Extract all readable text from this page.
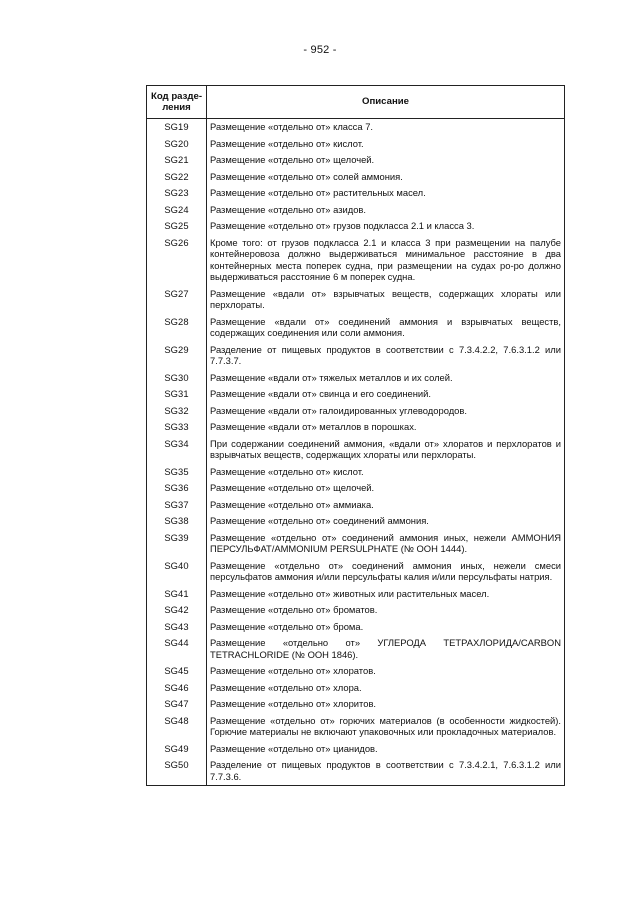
- 952 -
Код разде-ления	Описание
SG19	Размещение «отдельно от» класса 7.
SG20	Размещение «отдельно от» кислот.
SG21	Размещение «отдельно от» щелочей.
SG22	Размещение «отдельно от» солей аммония.
SG23	Размещение «отдельно от» растительных масел.
SG24	Размещение «отдельно от» азидов.
SG25	Размещение «отдельно от» грузов подкласса 2.1 и класса 3.
SG26	Кроме того: от грузов подкласса 2.1 и класса 3 при размещении на палубе контейнеровоза должно выдерживаться минимальное расстояние в два контейнерных места поперек судна, при размещении на судах ро-ро должно выдерживаться расстояние 6 м поперек судна.
SG27	Размещение «вдали от» взрывчатых веществ, содержащих хлораты или перхлораты.
SG28	Размещение «вдали от» соединений аммония и взрывчатых веществ, содержащих соединения или соли аммония.
SG29	Разделение от пищевых продуктов в соответствии с 7.3.4.2.2, 7.6.3.1.2 или 7.7.3.7.
SG30	Размещение «вдали от» тяжелых металлов и их солей.
SG31	Размещение «вдали от» свинца и его соединений.
SG32	Размещение «вдали от» галоидированных углеводородов.
SG33	Размещение «вдали от» металлов в порошках.
SG34	При содержании соединений аммония, «вдали от» хлоратов и перхлоратов и взрывчатых веществ, содержащих хлораты или перхлораты.
SG35	Размещение «отдельно от» кислот.
SG36	Размещение «отдельно от» щелочей.
SG37	Размещение «отдельно от» аммиака.
SG38	Размещение «отдельно от» соединений аммония.
SG39	Размещение «отдельно от» соединений аммония иных, нежели АММОНИЯ ПЕРСУЛЬФАТ/AMMONIUM PERSULPHATE (№ ООН 1444).
SG40	Размещение «отдельно от» соединений аммония иных, нежели смеси персульфатов аммония и/или персульфаты калия и/или персульфаты натрия.
SG41	Размещение «отдельно от» животных или растительных масел.
SG42	Размещение «отдельно от» броматов.
SG43	Размещение «отдельно от» брома.
SG44	Размещение «отдельно от» УГЛЕРОДА ТЕТРАХЛОРИДА/CARBON TETRACHLORIDE (№ ООН 1846).
SG45	Размещение «отдельно от» хлоратов.
SG46	Размещение «отдельно от» хлора.
SG47	Размещение «отдельно от» хлоритов.
SG48	Размещение «отдельно от» горючих материалов (в особенности жидкостей). Горючие материалы не включают упаковочных или прокладочных материалов.
SG49	Размещение «отдельно от» цианидов.
SG50	Разделение от пищевых продуктов в соответствии с 7.3.4.2.1, 7.6.3.1.2 или 7.7.3.6.
